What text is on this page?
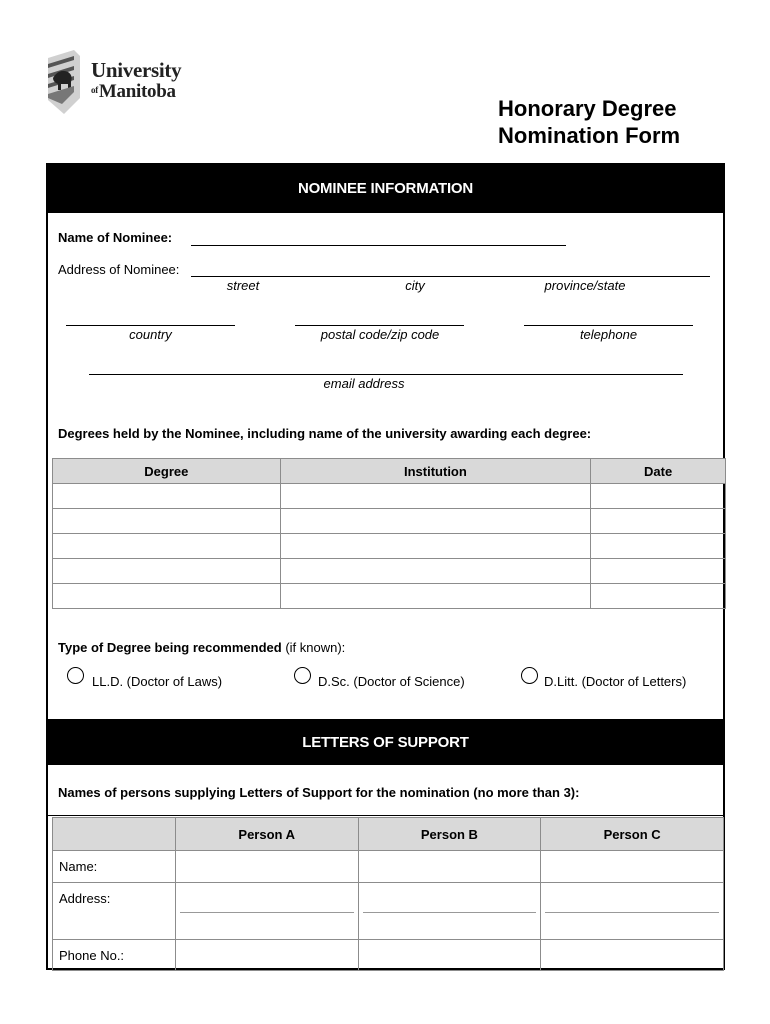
University
$^{of}$Manitoba
Honorary Degree
Nomination Form
NOMINEE INFORMATION
Name of Nominee:
Address of Nominee:
street	city	province/state
country	postal code/zip code	telephone
email address
Degrees held by the Nominee, including name of the university awarding each degree:
Degree	Institution	Date

Type of Degree being recommended (if known):
LL.D. (Doctor of Laws)	D.Sc. (Doctor of Science)	D.Litt. (Doctor of Letters)
LETTERS OF SUPPORT
Names of persons supplying Letters of Support for the nomination (no more than 3):
	Person A	Person B	Person C
Name:			
Address:	

Phone No.:			
